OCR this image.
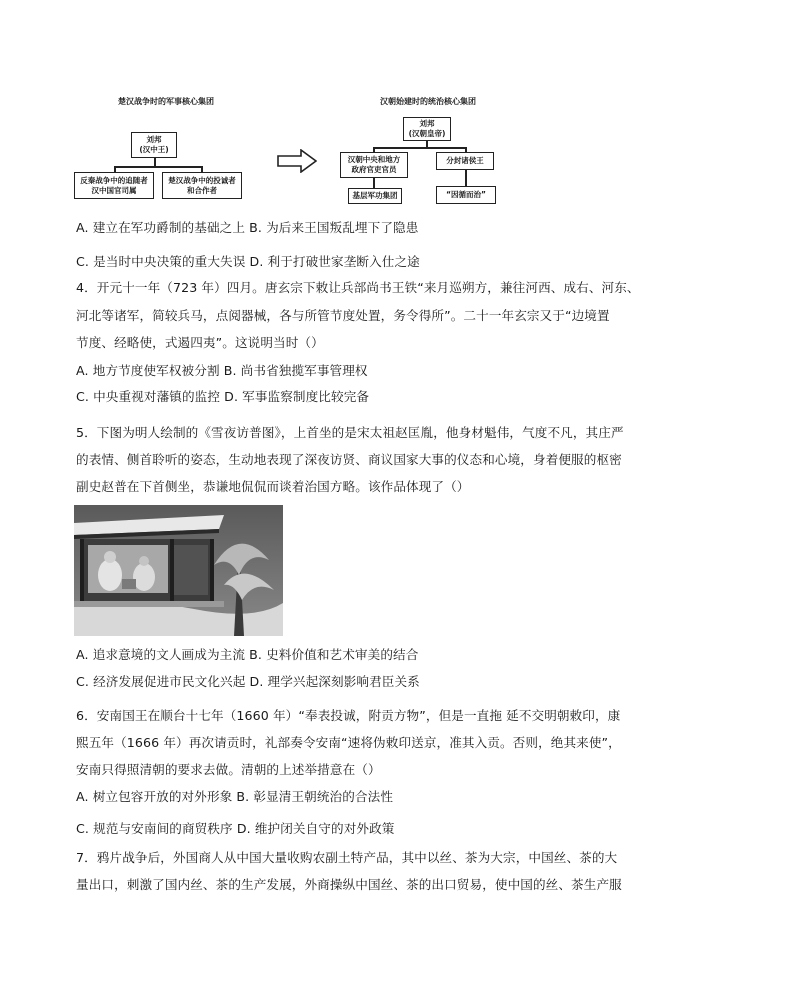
楚汉战争时的军事核心集团
刘邦
(汉中王)
反秦战争中的追随者
汉中国官司属
楚汉战争中的投诚者
和合作者
汉朝始建时的统治核心集团
刘邦
(汉朝皇帝)
汉朝中央和地方
政府官吏官员
分封诸侯王
基层军功集团	“因循而治”
A. 建立在军功爵制的基础之上 B. 为后来王国叛乱埋下了隐患
C. 是当时中央决策的重大失误 D. 利于打破世家垄断入仕之途
4．开元十一年（723 年）四月。唐玄宗下敕让兵部尚书王铁“来月巡朔方，兼往河西、成右、河东、
河北等诸军，简较兵马，点阅器械，各与所管节度处置，务令得所”。二十一年玄宗又于“边境置
节度、经略使，式遏四夷”。这说明当时（）
A. 地方节度使军权被分割 B. 尚书省独揽军事管理权
C. 中央重视对藩镇的监控 D. 军事监察制度比较完备
5．下图为明人绘制的《雪夜访普图》，上首坐的是宋太祖赵匡胤，他身材魁伟，气度不凡，其庄严
的表情、侧首聆听的姿态，生动地表现了深夜访贤、商议国家大事的仪态和心境，身着便服的枢密
副史赵普在下首侧坐，恭谦地侃侃而谈着治国方略。该作品体现了（）
A. 追求意境的文人画成为主流 B. 史料价值和艺术审美的结合
C. 经济发展促进市民文化兴起 D. 理学兴起深刻影响君臣关系
6．安南国王在顺台十七年（1660 年）“奉表投诚，附贡方物”，但是一直拖 延不交明朝敕印，康
熙五年（1666 年）再次请贡时，礼部奏令安南“速将伪敕印送京，准其入贡。否则，绝其来使”，
安南只得照清朝的要求去做。清朝的上述举措意在（）
A. 树立包容开放的对外形象 B. 彰显清王朝统治的合法性
C. 规范与安南间的商贸秩序 D. 维护闭关自守的对外政策
7．鸦片战争后，外国商人从中国大量收购农副土特产品，其中以丝、茶为大宗，中国丝、茶的大
量出口，刺激了国内丝、茶的生产发展，外商操纵中国丝、茶的出口贸易，使中国的丝、茶生产服
